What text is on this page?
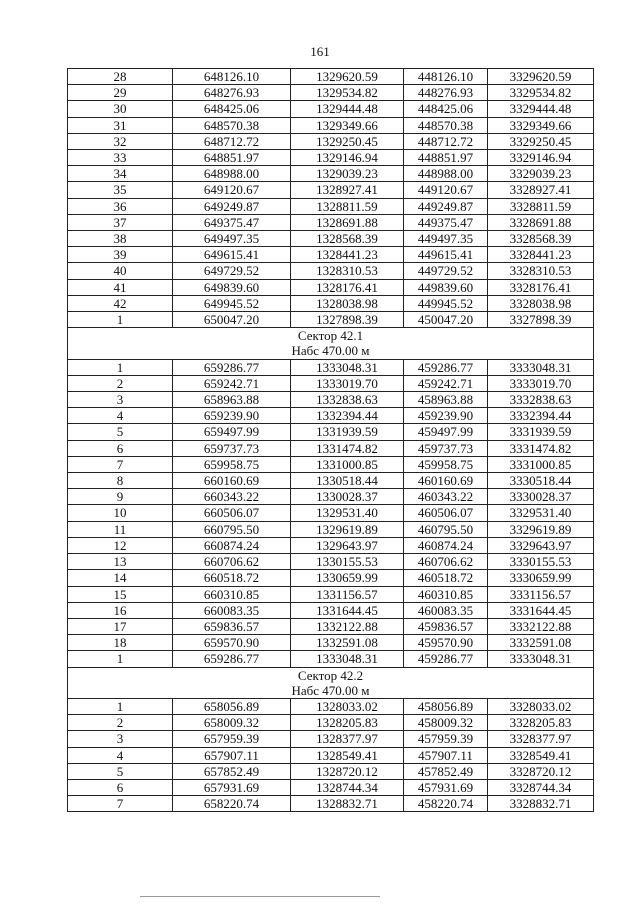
161
28	648126.10	1329620.59	448126.10	3329620.59
29	648276.93	1329534.82	448276.93	3329534.82
30	648425.06	1329444.48	448425.06	3329444.48
31	648570.38	1329349.66	448570.38	3329349.66
32	648712.72	1329250.45	448712.72	3329250.45
33	648851.97	1329146.94	448851.97	3329146.94
34	648988.00	1329039.23	448988.00	3329039.23
35	649120.67	1328927.41	449120.67	3328927.41
36	649249.87	1328811.59	449249.87	3328811.59
37	649375.47	1328691.88	449375.47	3328691.88
38	649497.35	1328568.39	449497.35	3328568.39
39	649615.41	1328441.23	449615.41	3328441.23
40	649729.52	1328310.53	449729.52	3328310.53
41	649839.60	1328176.41	449839.60	3328176.41
42	649945.52	1328038.98	449945.52	3328038.98
1	650047.20	1327898.39	450047.20	3327898.39

Сектор 42.1
Набс 470.00 м				

1	659286.77	1333048.31	459286.77	3333048.31
2	659242.71	1333019.70	459242.71	3333019.70
3	658963.88	1332838.63	458963.88	3332838.63
4	659239.90	1332394.44	459239.90	3332394.44
5	659497.99	1331939.59	459497.99	3331939.59
6	659737.73	1331474.82	459737.73	3331474.82
7	659958.75	1331000.85	459958.75	3331000.85
8	660160.69	1330518.44	460160.69	3330518.44
9	660343.22	1330028.37	460343.22	3330028.37
10	660506.07	1329531.40	460506.07	3329531.40
11	660795.50	1329619.89	460795.50	3329619.89
12	660874.24	1329643.97	460874.24	3329643.97
13	660706.62	1330155.53	460706.62	3330155.53
14	660518.72	1330659.99	460518.72	3330659.99
15	660310.85	1331156.57	460310.85	3331156.57
16	660083.35	1331644.45	460083.35	3331644.45
17	659836.57	1332122.88	459836.57	3332122.88
18	659570.90	1332591.08	459570.90	3332591.08
1	659286.77	1333048.31	459286.77	3333048.31

Сектор 42.2
Набс 470.00 м				

1	658056.89	1328033.02	458056.89	3328033.02
2	658009.32	1328205.83	458009.32	3328205.83
3	657959.39	1328377.97	457959.39	3328377.97
4	657907.11	1328549.41	457907.11	3328549.41
5	657852.49	1328720.12	457852.49	3328720.12
6	657931.69	1328744.34	457931.69	3328744.34
7	658220.74	1328832.71	458220.74	3328832.71
